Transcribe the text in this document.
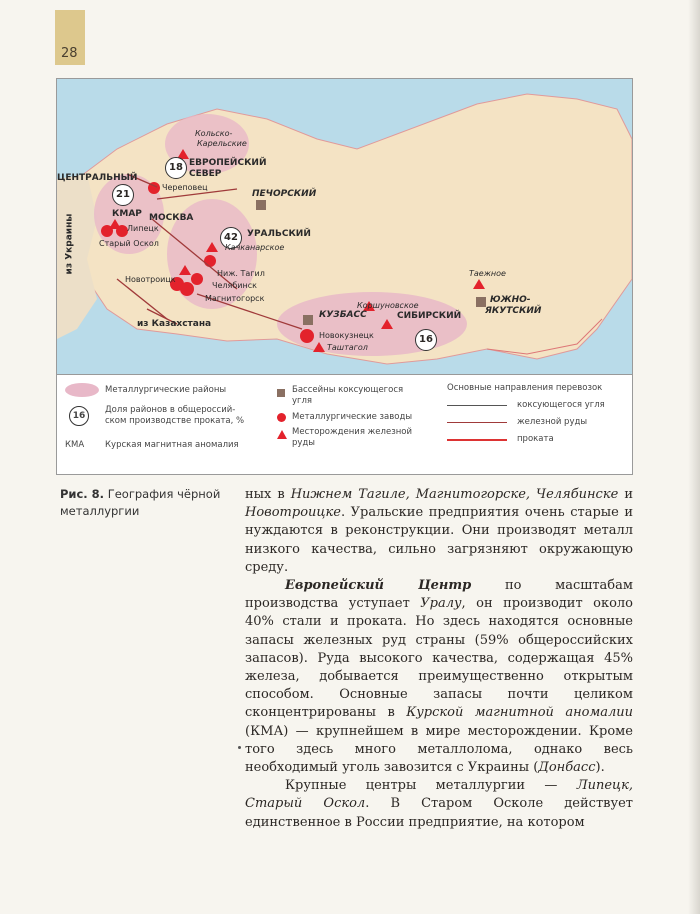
28
Кольско-
Карельские
18 ЕВРОПЕЙСКИЙ
СЕВЕР
ЦЕНТРАЛЬНЫЙ
Череповец
21	ПЕЧОРСКИЙ
КМАР МОСКВА
Липецк
Старый Оскол
из Украины	42	УРАЛЬСКИЙ
Качканарское
Ниж. Тагил
Челябинск
Новотроицк
Магнитогорск
из Казахстана
КУЗБАСС
Коршуновское
СИБИРСКИЙ
Новокузнецк
Таштагол
16
Таежное
ЮЖНО-
ЯКУТСКИЙ
Металлургические районы
16
Доля районов в общероссий-ском производстве проката, %
КМА Курская магнитная аномалия
Бассейны коксующегося угля
Металлургические заводы
Месторождения железной руды
Основные направления перевозок
коксующегося угля
железной руды
проката
Рис. 8. География чёрной металлургии

ных в Нижнем Тагиле, Магнитогорске, Челябинске и Новотроицке. Уральские предприятия очень старые и нуждаются в реконструкции. Они производят металл низкого качества, сильно загрязняют окружающую среду.

Европейский Центр по масштабам производства уступает Уралу, он производит около 40% стали и проката. Но здесь находятся основные запасы железных руд страны (59% общероссийских запасов). Руда высокого качества, содержащая 45% железа, добывается преимущественно открытым способом. Основные запасы почти целиком сконцентрированы в Курской магнитной аномалии (КМА) — крупнейшем в мире месторождении. Кроме того здесь много металлолома, однако весь необходимый уголь завозится с Украины (Донбасс).

Крупные центры металлургии — Липецк, Старый Оскол. В Старом Осколе действует единственное в России предприятие, на котором
